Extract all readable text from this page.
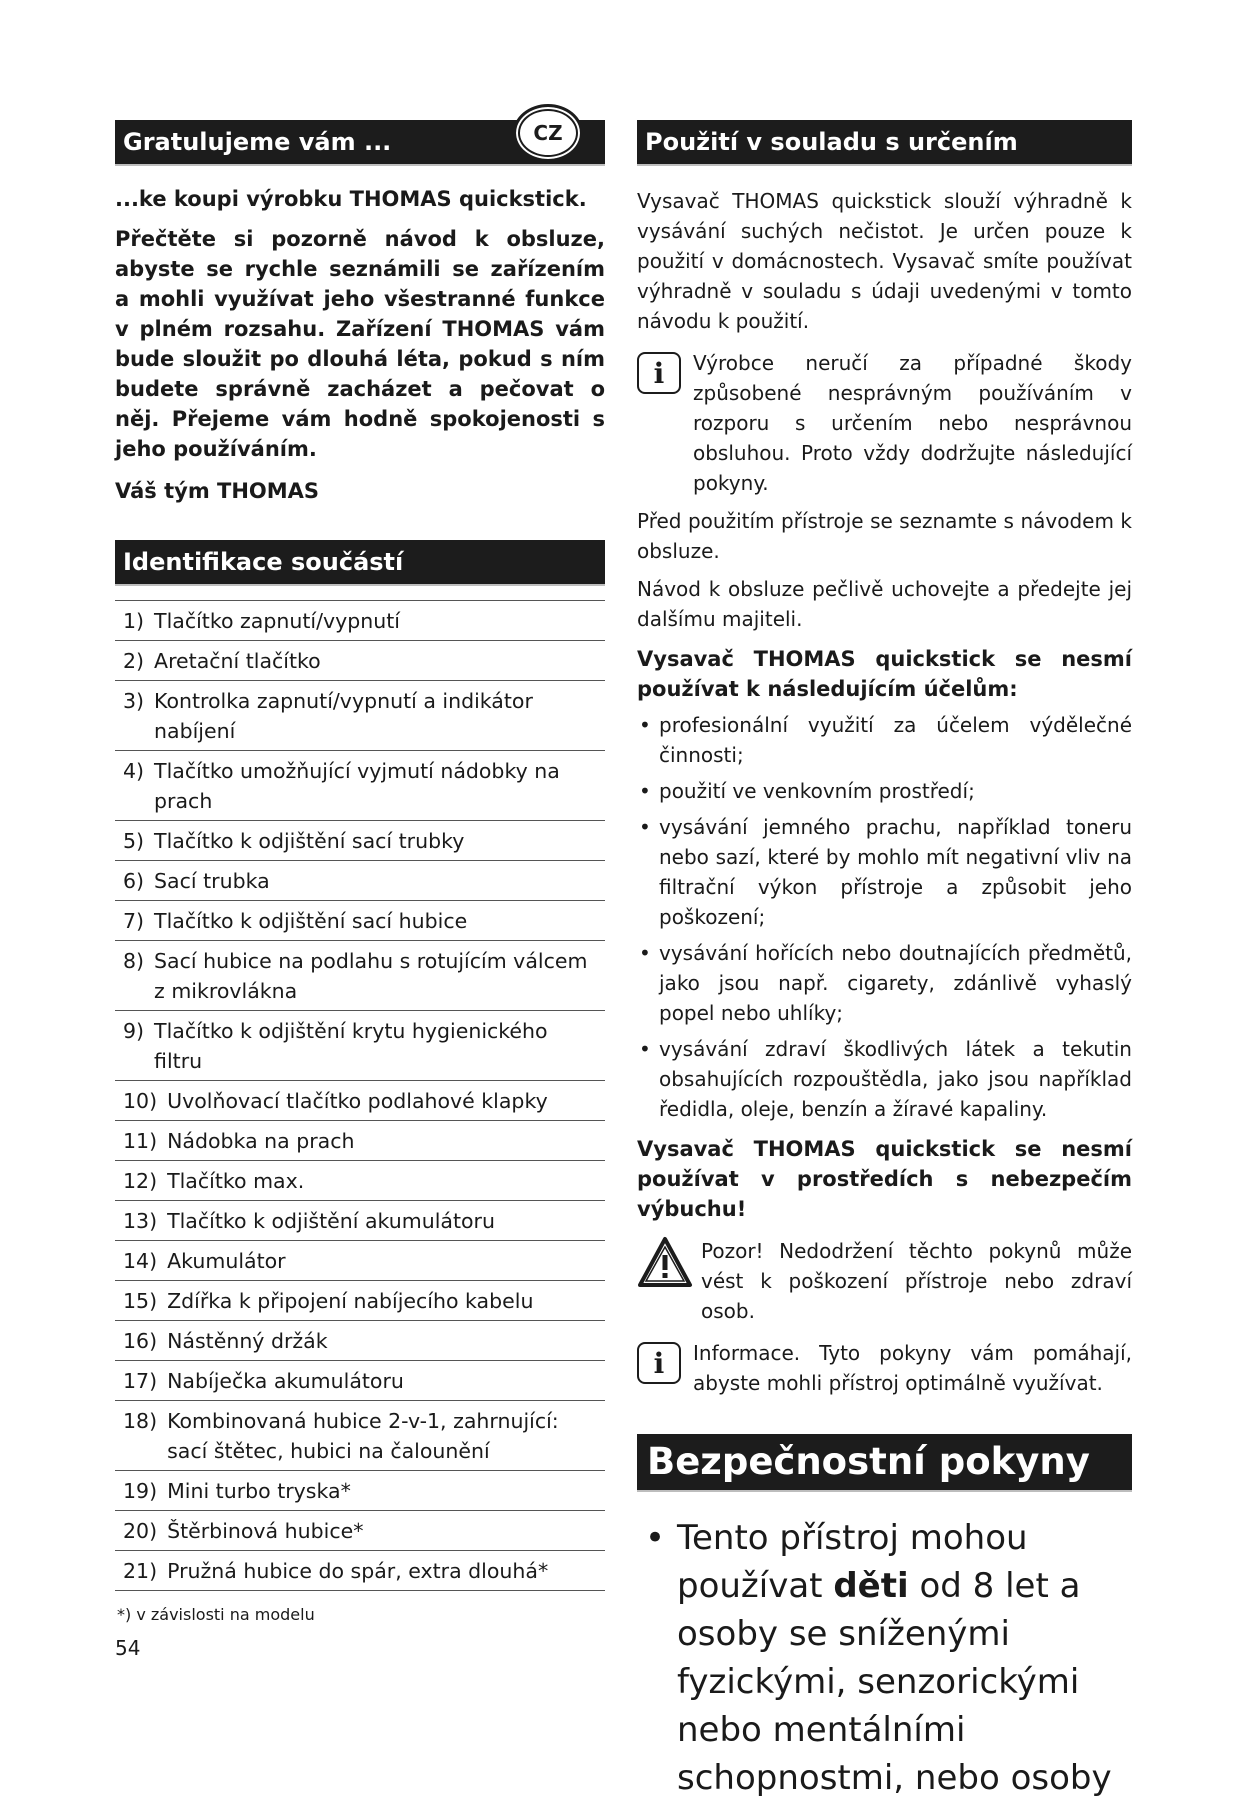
Gratulujeme vám ...	CZ

...ke koupi výrobku THOMAS quickstick.

Přečtěte si pozorně návod k obsluze, abyste se rychle seznámili se zařízením a mohli využívat jeho všestranné funkce v plném rozsahu. Zařízení THOMAS vám bude sloužit po dlouhá léta, pokud s ním budete správně zacházet a pečovat o něj. Přejeme vám hodně spokojenosti s jeho používáním.

Váš tým THOMAS

Identifikace součástí
1) Tlačítko zapnutí/vypnutí
2) Aretační tlačítko
3) Kontrolka zapnutí/vypnutí a indikátor nabíjení
4) Tlačítko umožňující vyjmutí nádobky na prach
5) Tlačítko k odjištění sací trubky
6) Sací trubka
7) Tlačítko k odjištění sací hubice
8) Sací hubice na podlahu s rotujícím válcem z mikrovlákna
9) Tlačítko k odjištění krytu hygienického filtru
10) Uvolňovací tlačítko podlahové klapky
11) Nádobka na prach
12) Tlačítko max.
13) Tlačítko k odjištění akumulátoru
14) Akumulátor
15) Zdířka k připojení nabíjecího kabelu
16) Nástěnný držák
17) Nabíječka akumulátoru
18) Kombinovaná hubice 2-v-1, zahrnující: sací štětec, hubici na čalounění
19) Mini turbo tryska*
20) Štěrbinová hubice*
21) Pružná hubice do spár, extra dlouhá*
*) v závislosti na modelu
Použití v souladu s určením

Vysavač THOMAS quickstick slouží výhradně k vysávání suchých nečistot. Je určen pouze k použití v domácnostech. Vysavač smíte používat výhradně v souladu s údaji uvedenými v tomto návodu k použití.

i	Výrobce neručí za případné škody způsobené nesprávným používáním v rozporu s určením nebo nesprávnou obsluhou. Proto vždy dodržujte následující pokyny.

Před použitím přístroje se seznamte s návodem k obsluze.

Návod k obsluze pečlivě uchovejte a předejte jej dalšímu majiteli.

Vysavač THOMAS quickstick se nesmí používat k následujícím účelům:

• profesionální využití za účelem výdělečné činnosti;
• použití ve venkovním prostředí;
• vysávání jemného prachu, například toneru nebo sazí, které by mohlo mít negativní vliv na filtrační výkon přístroje a způsobit jeho poškození;
• vysávání hořících nebo doutnajících předmětů, jako jsou např. cigarety, zdánlivě vyhaslý popel nebo uhlíky;
• vysávání zdraví škodlivých látek a tekutin obsahujících rozpouštědla, jako jsou například ředidla, oleje, benzín a žíravé kapaliny.

Vysavač THOMAS quickstick se nesmí používat v prostředích s nebezpečím výbuchu!

Pozor! Nedodržení těchto pokynů může vést k poškození přístroje nebo zdraví osob.
i	Informace. Tyto pokyny vám pomáhají, abyste mohli přístroj optimálně využívat.
Bezpečnostní pokyny
• Tento přístroj mohou používat děti od 8 let a osoby se sníženými fyzickými, senzorickými nebo mentálními schopnostmi, nebo osoby
54
